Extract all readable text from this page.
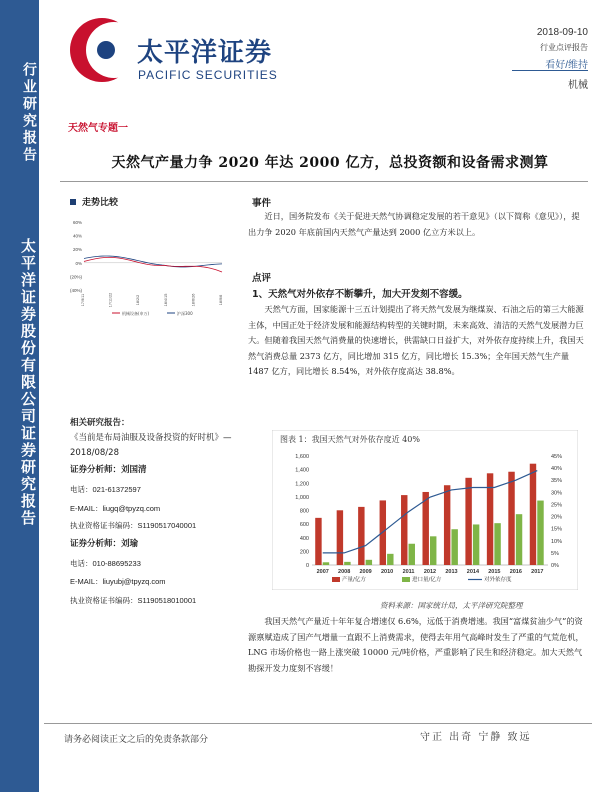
行业研究报告
太平洋证券股份有限公司证券研究报告
太平洋证券
PACIFIC SECURITIES
2018-09-10
行业点评报告
看好/维持
机械
天然气专题一
天然气产量力争 2020 年达 2000 亿方，总投资额和设备需求测算
走势比较
60%
40%
20%
0%
(20%)
(40%)
17/9/11	17/11/22	18/2/2	18/4/15	18/6/26	18/9/6
机械设备(申万)	沪深300
相关研究报告：
《当前是布局油服及设备投资的好时机》—2018/08/28
证券分析师：刘国清
电话：021-61372597
E-MAIL：liugq@tpyzq.com
执业资格证书编码：S1190517040001
证券分析师：刘瑜
电话：010-88695233
E-MAIL：liuyubj@tpyzq.com
执业资格证书编码：S1190518010001
事件
近日，国务院发布《关于促进天然气协调稳定发展的若干意见》（以下简称《意见》），提出力争 2020 年底前国内天然气产量达到 2000 亿立方米以上。
点评
1、天然气对外依存不断攀升，加大开发刻不容缓。
天然气方面，国家能源十三五计划提出了将天然气发展为继煤炭、石油之后的第三大能源主体，中国正处于经济发展和能源结构转型的关键时期，未来高效、清洁的天然气发展潜力巨大。但随着我国天然气消费量的快速增长，供需缺口日益扩大，对外依存度持续上升，我国天然气消费总量 2373 亿方，同比增加 315 亿方，同比增长 15.3%；全年国天然气生产量 1487 亿方，同比增长 8.54%，对外依存度高达 38.8%。
图表 1：我国天然气对外依存度近 40%
0
200
400
600
800
1,000
1,200
1,400
1,600
0%
5%
10%
15%
20%
25%
30%
35%
40%
45%
2007 2008 2009 2010 2011 2012 2013 2014 2015 2016 2017
产量/亿方	进口量/亿方	对外依存度
资料来源：国家统计局，太平洋研究院整理
我国天然气产量近十年年复合增速仅 6.6%，远低于消费增速。我国“富煤贫油少气”的资源禀赋造成了国产气增量一直跟不上消费需求，使得去年用气高峰时发生了严重的气荒危机，LNG 市场价格也一路上涨突破 10000 元/吨价格，严重影响了民生和经济稳定。加大天然气勘探开发力度刻不容缓！
请务必阅读正文之后的免责条款部分	守正 出奇 宁静 致远
